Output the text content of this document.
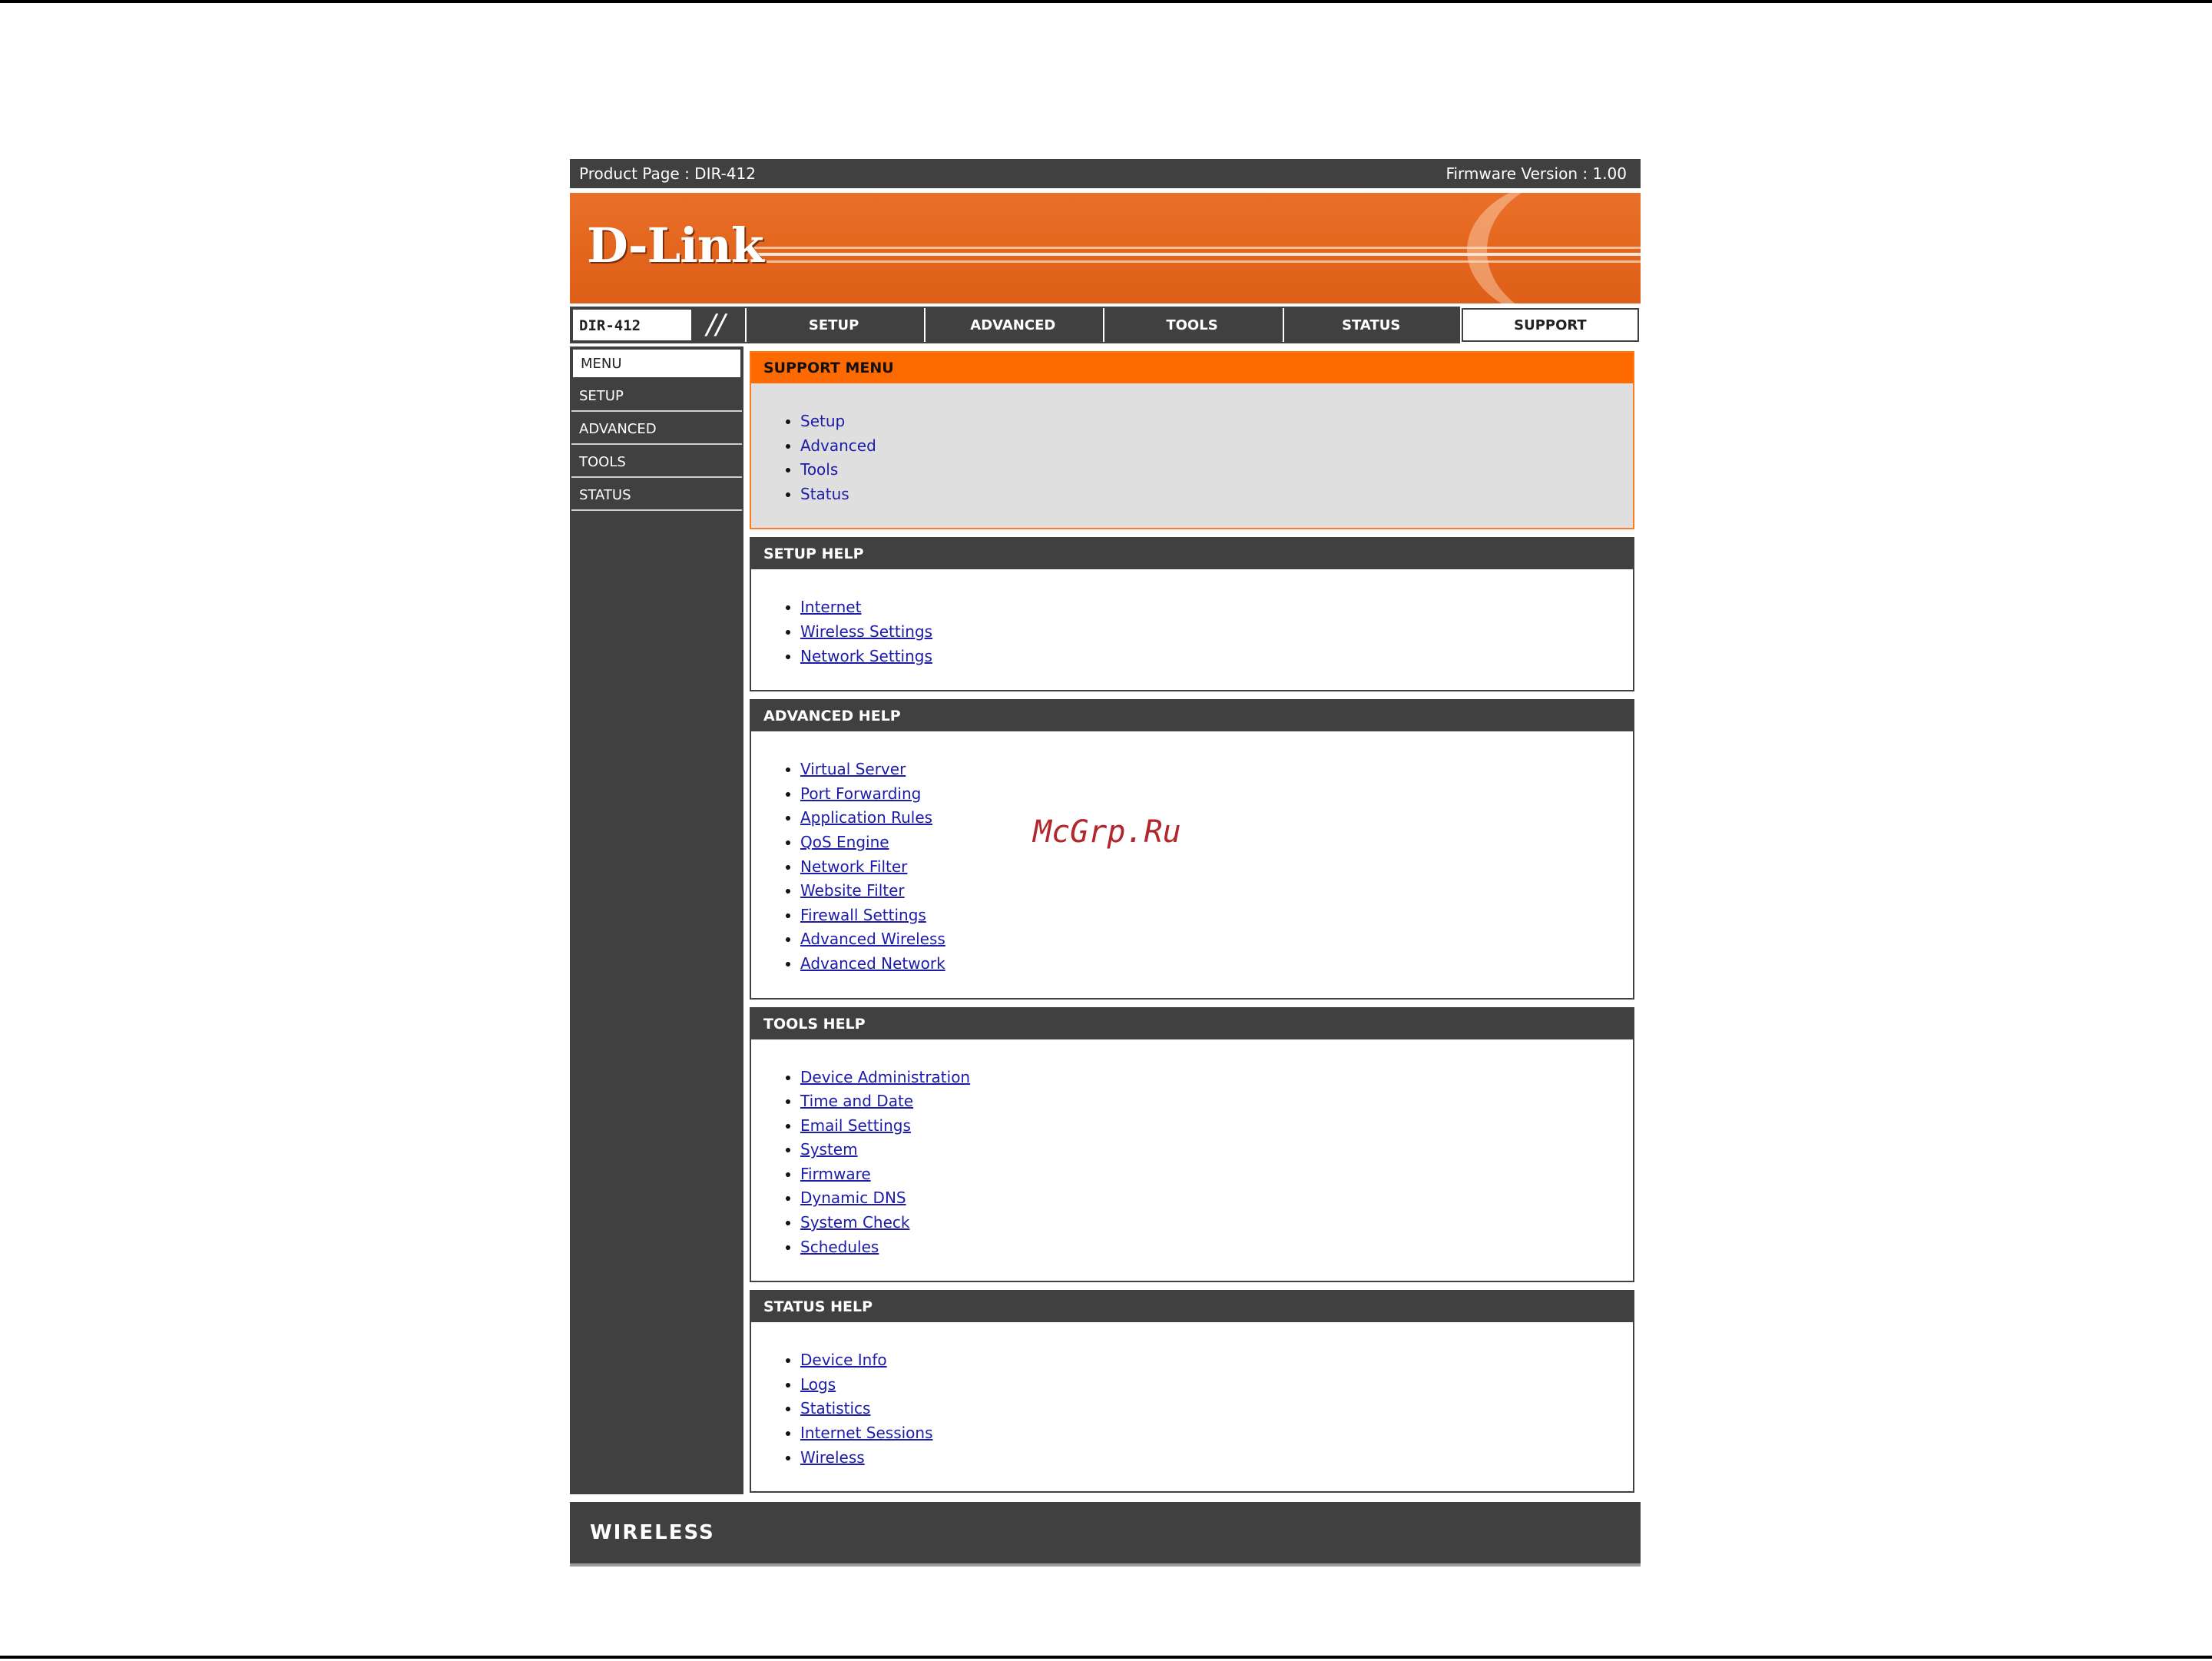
Product Page : DIR-412	Firmware Version : 1.00
D-Link
DIR-412	//	SETUP	ADVANCED	TOOLS	STATUS	SUPPORT
MENU
SETUP
ADVANCED
TOOLS
STATUS
SUPPORT MENU
• Setup
• Advanced
• Tools
• Status
SETUP HELP
• Internet
• Wireless Settings
• Network Settings
ADVANCED HELP
• Virtual Server
• Port Forwarding
• Application Rules
• QoS Engine
• Network Filter
• Website Filter
• Firewall Settings
• Advanced Wireless
• Advanced Network
TOOLS HELP
• Device Administration
• Time and Date
• Email Settings
• System
• Firmware
• Dynamic DNS
• System Check
• Schedules
STATUS HELP
• Device Info
• Logs
• Statistics
• Internet Sessions
• Wireless
WIRELESS
McGrp.Ru
